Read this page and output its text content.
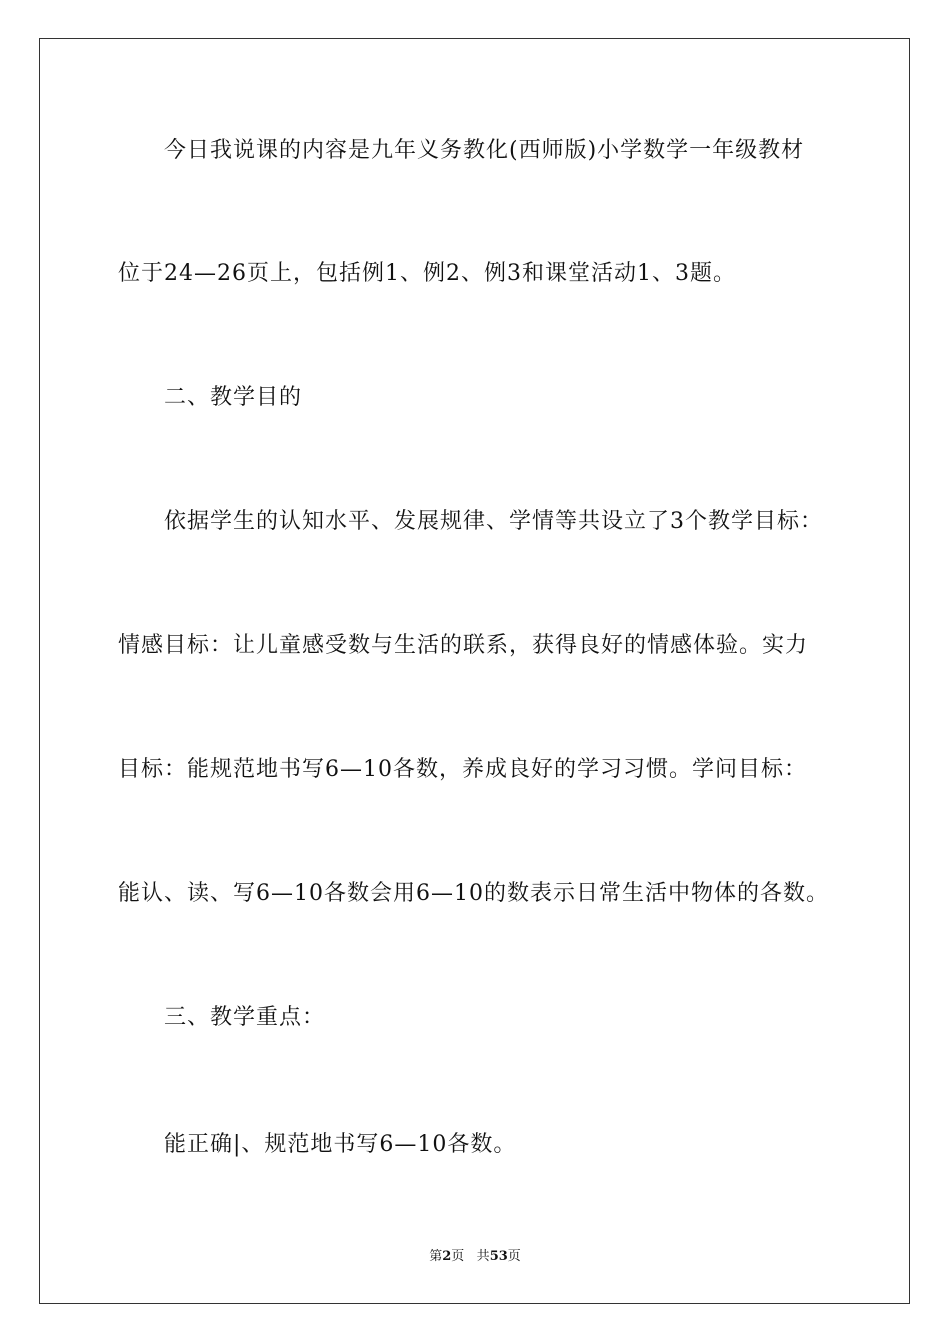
今日我说课的内容是九年义务教化(西师版)小学数学一年级教材
位于24—26页上，包括例1、例2、例3和课堂活动1、3题。
二、教学目的
依据学生的认知水平、发展规律、学情等共设立了3个教学目标：
情感目标：让儿童感受数与生活的联系，获得良好的情感体验。实力
目标：能规范地书写6—10各数，养成良好的学习习惯。学问目标：
能认、读、写6—10各数会用6—10的数表示日常生活中物体的各数。
三、教学重点：
能正确|、规范地书写6—10各数。
第2页 共53页
